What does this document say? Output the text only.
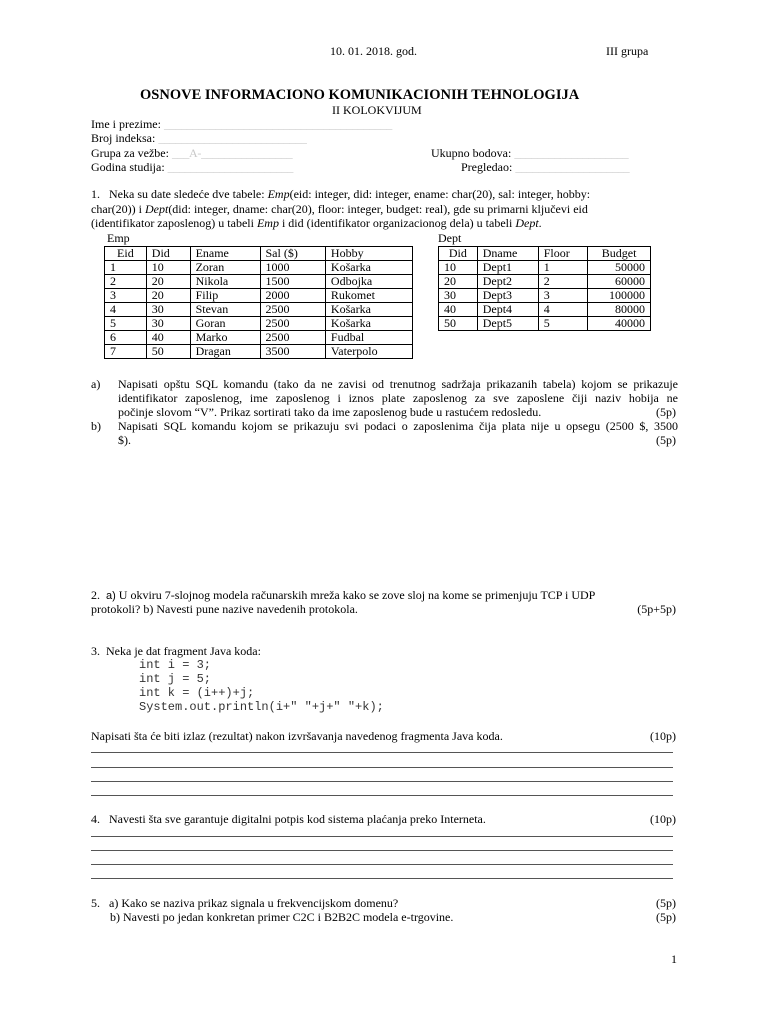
10. 01. 2018. god.	III grupa
OSNOVE INFORMACIONO KOMUNIKACIONIH TEHNOLOGIJA
II KOLOKVIJUM
Ime i prezime: ________________________________________
Broj indeksa: __________________________
Grupa za vežbe: ___A-________________
Godina studija: ______________________
Ukupno bodova: ____________________
Pregledao: ____________________
1. Neka su date sledeće dve tabele: Emp(eid: integer, did: integer, ename: char(20), sal: integer, hobby:
char(20)) i Dept(did: integer, dname: char(20), floor: integer, budget: real), gde su primarni ključevi eid
(identifikator zaposlenog) u tabeli Emp i did (identifikator organizacionog dela) u tabeli Dept.
Emp	Dept
Eid	Did	Ename	Sal ($)	Hobby
1	10	Zoran	1000	Košarka
2	20	Nikola	1500	Odbojka
3	20	Filip	2000	Rukomet
4	30	Stevan	2500	Košarka
5	30	Goran	2500	Košarka
6	40	Marko	2500	Fudbal
7	50	Dragan	3500	Vaterpolo
Did	Dname	Floor	Budget
10	Dept1	1	50000
20	Dept2	2	60000
30	Dept3	3	100000
40	Dept4	4	80000
50	Dept5	5	40000
a) Napisati opštu SQL komandu (tako da ne zavisi od trenutnog sadržaja prikazanih tabela) kojom se prikazuje
identifikator zaposlenog, ime zaposlenog i iznos plate zaposlenog za sve zaposlene čiji naziv hobija ne
počinje slovom “V”. Prikaz sortirati tako da ime zaposlenog bude u rastućem redosledu.	(5p)
b) Napisati SQL komandu kojom se prikazuju svi podaci o zaposlenima čija plata nije u opsegu (2500 $, 3500
$).	(5p)
2. a) U okviru 7-slojnog modela računarskih mreža kako se zove sloj na kome se primenjuju TCP i UDP
protokoli? b) Navesti pune nazive navedenih protokola.	(5p+5p)
3. Neka je dat fragment Java koda:
int i = 3;
int j = 5;
int k = (i++)+j;
System.out.println(i+" "+j+" "+k);
Napisati šta će biti izlaz (rezultat) nakon izvršavanja navedenog fragmenta Java koda.	(10p)
4. Navesti šta sve garantuje digitalni potpis kod sistema plaćanja preko Interneta.	(10p)
5. a) Kako se naziva prikaz signala u frekvencijskom domenu?	(5p)
b) Navesti po jedan konkretan primer C2C i B2B2C modela e-trgovine.	(5p)
1
